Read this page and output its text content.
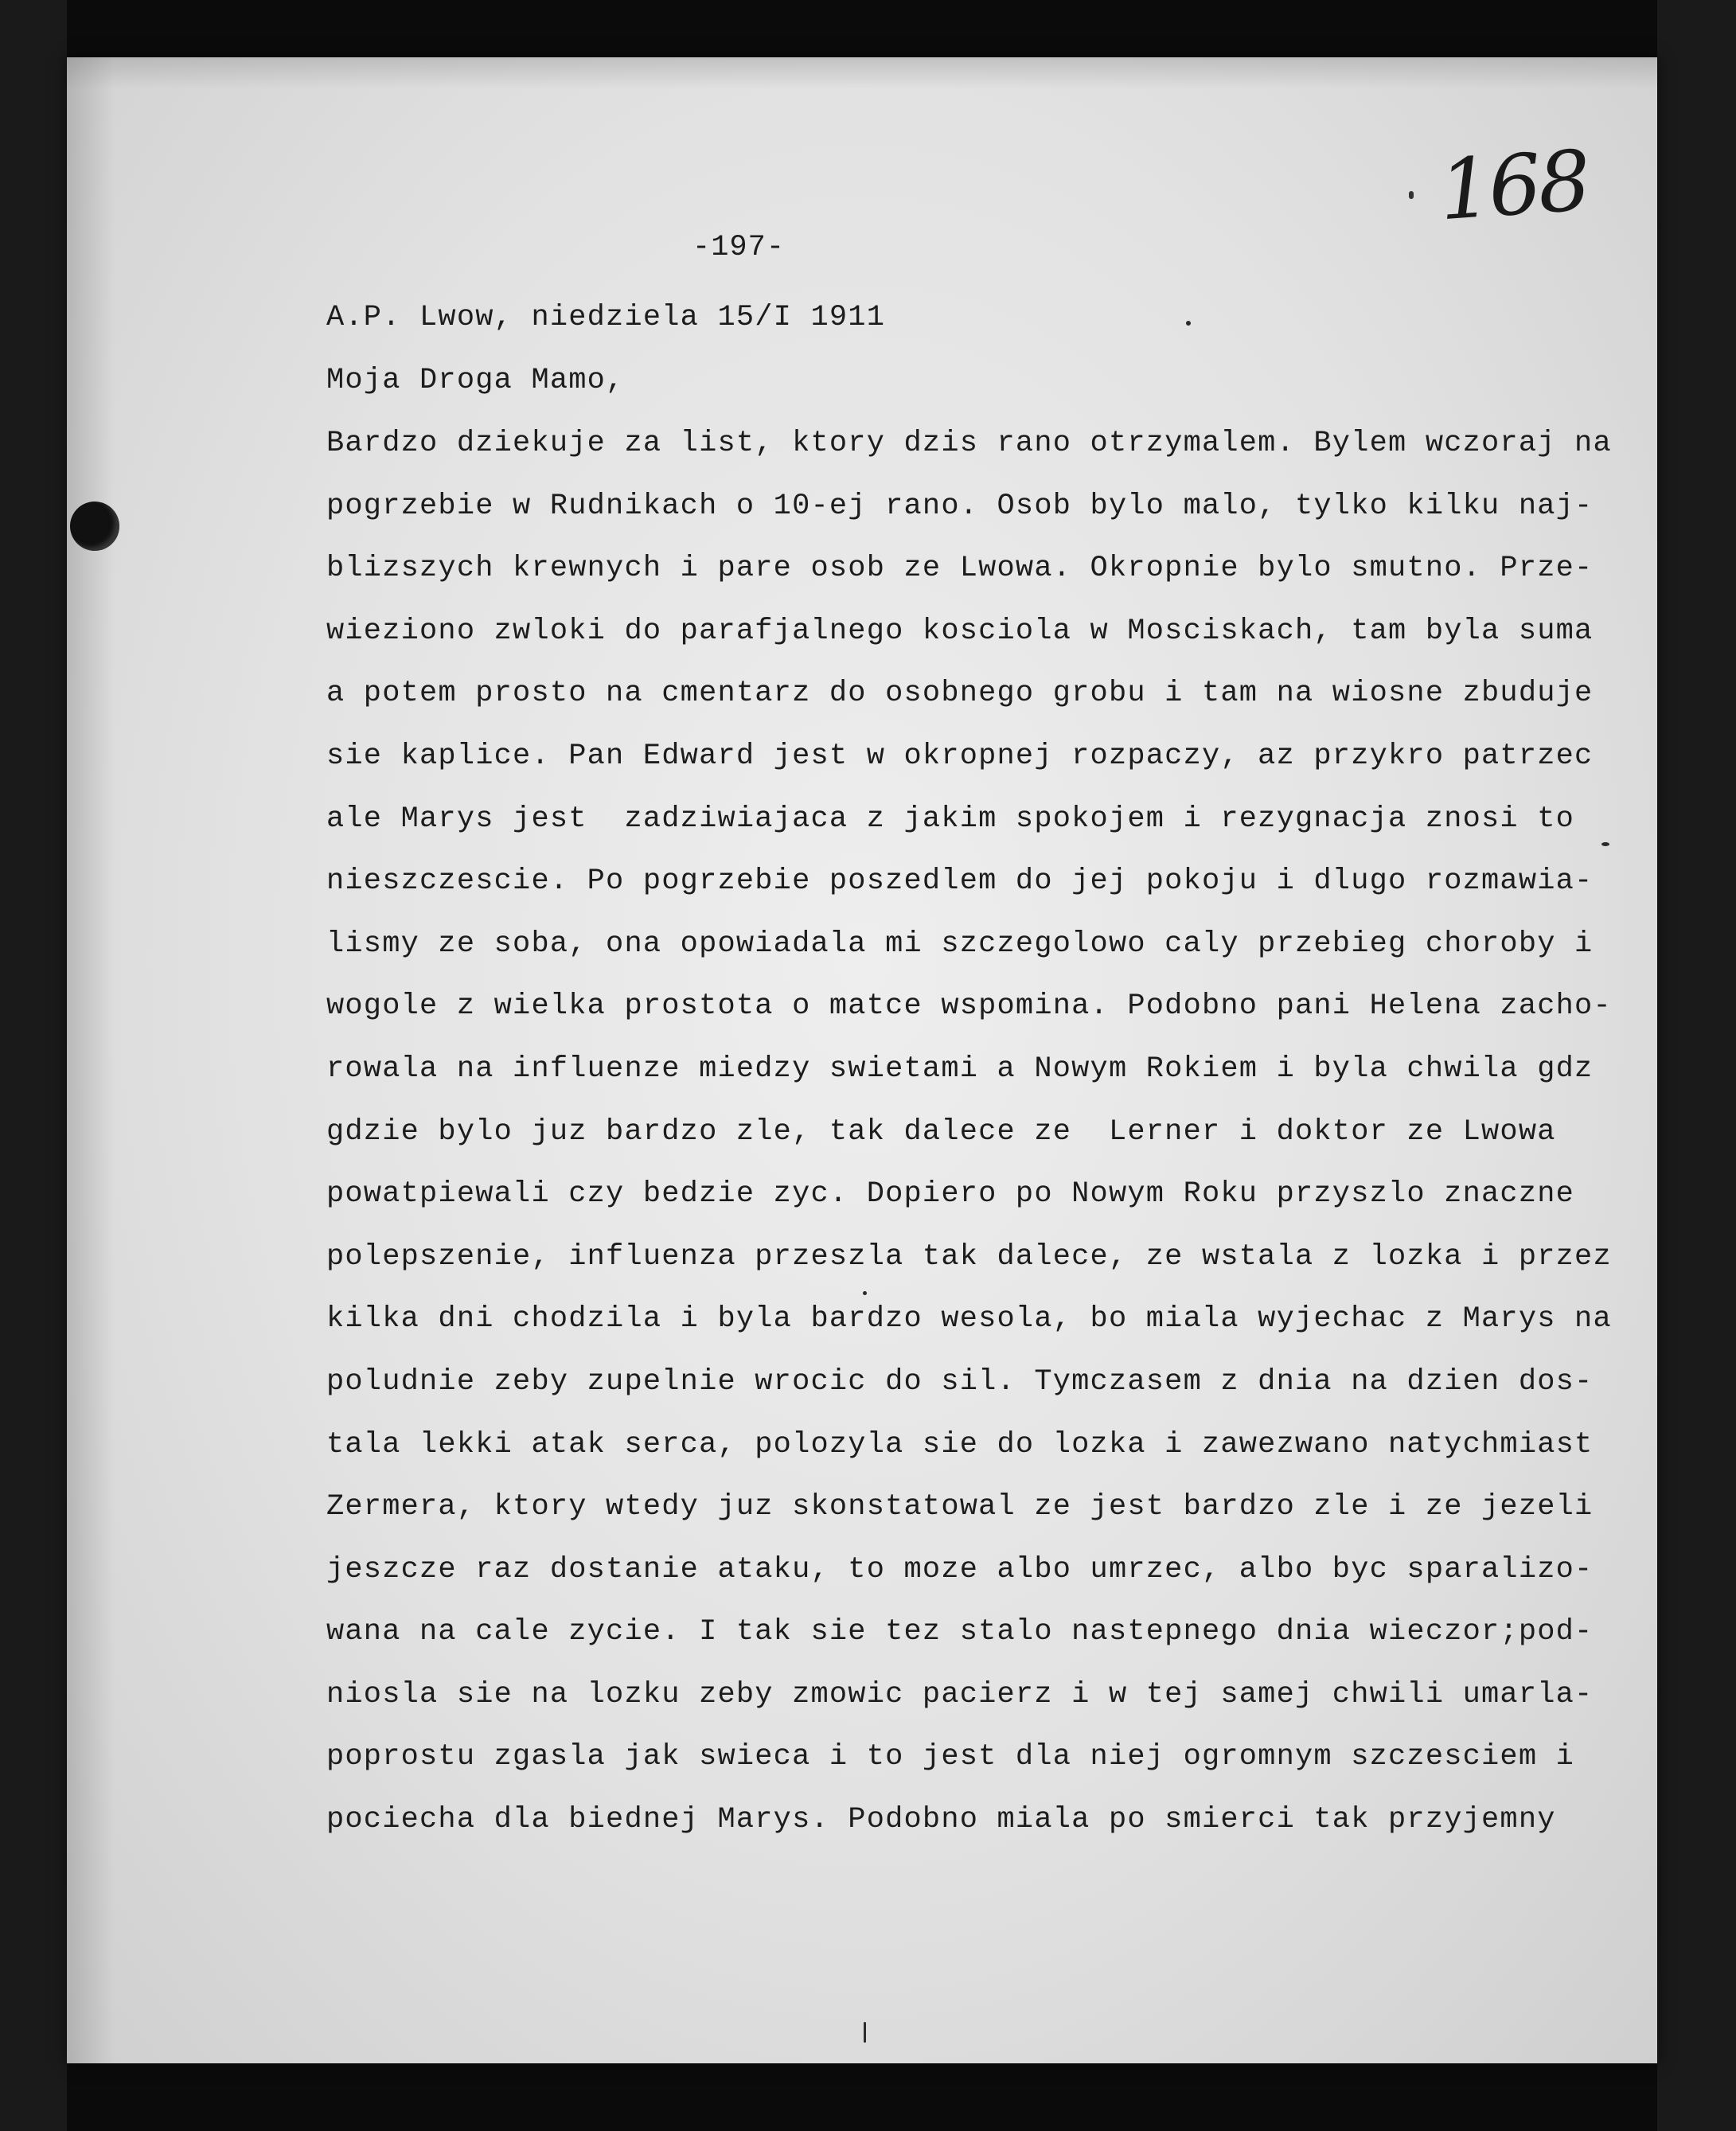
168
-197-
A.P. Lwow, niedziela 15/I 1911
Moja Droga Mamo,
Bardzo dziekuje za list, ktory dzis rano otrzymalem. Bylem wczoraj na
pogrzebie w Rudnikach o 10-ej rano. Osob bylo malo, tylko kilku naj-
blizszych krewnych i pare osob ze Lwowa. Okropnie bylo smutno. Prze-
wieziono zwloki do parafjalnego kosciola w Mosciskach, tam byla suma
a potem prosto na cmentarz do osobnego grobu i tam na wiosne zbuduje
sie kaplice. Pan Edward jest w okropnej rozpaczy, az przykro patrzec
ale Marys jest  zadziwiajaca z jakim spokojem i rezygnacja znosi to
nieszczescie. Po pogrzebie poszedlem do jej pokoju i dlugo rozmawia-
lismy ze soba, ona opowiadala mi szczegolowo caly przebieg choroby i
wogole z wielka prostota o matce wspomina. Podobno pani Helena zacho-
rowala na influenze miedzy swietami a Nowym Rokiem i byla chwila gdz
gdzie bylo juz bardzo zle, tak dalece ze  Lerner i doktor ze Lwowa
powatpiewali czy bedzie zyc. Dopiero po Nowym Roku przyszlo znaczne
polepszenie, influenza przeszla tak dalece, ze wstala z lozka i przez
kilka dni chodzila i byla bardzo wesola, bo miala wyjechac z Marys na
poludnie zeby zupelnie wrocic do sil. Tymczasem z dnia na dzien dos-
tala lekki atak serca, polozyla sie do lozka i zawezwano natychmiast
Zermera, ktory wtedy juz skonstatowal ze jest bardzo zle i ze jezeli
jeszcze raz dostanie ataku, to moze albo umrzec, albo byc sparalizo-
wana na cale zycie. I tak sie tez stalo nastepnego dnia wieczor;pod-
niosla sie na lozku zeby zmowic pacierz i w tej samej chwili umarla-
poprostu zgasla jak swieca i to jest dla niej ogromnym szczesciem i
pociecha dla biednej Marys. Podobno miala po smierci tak przyjemny
